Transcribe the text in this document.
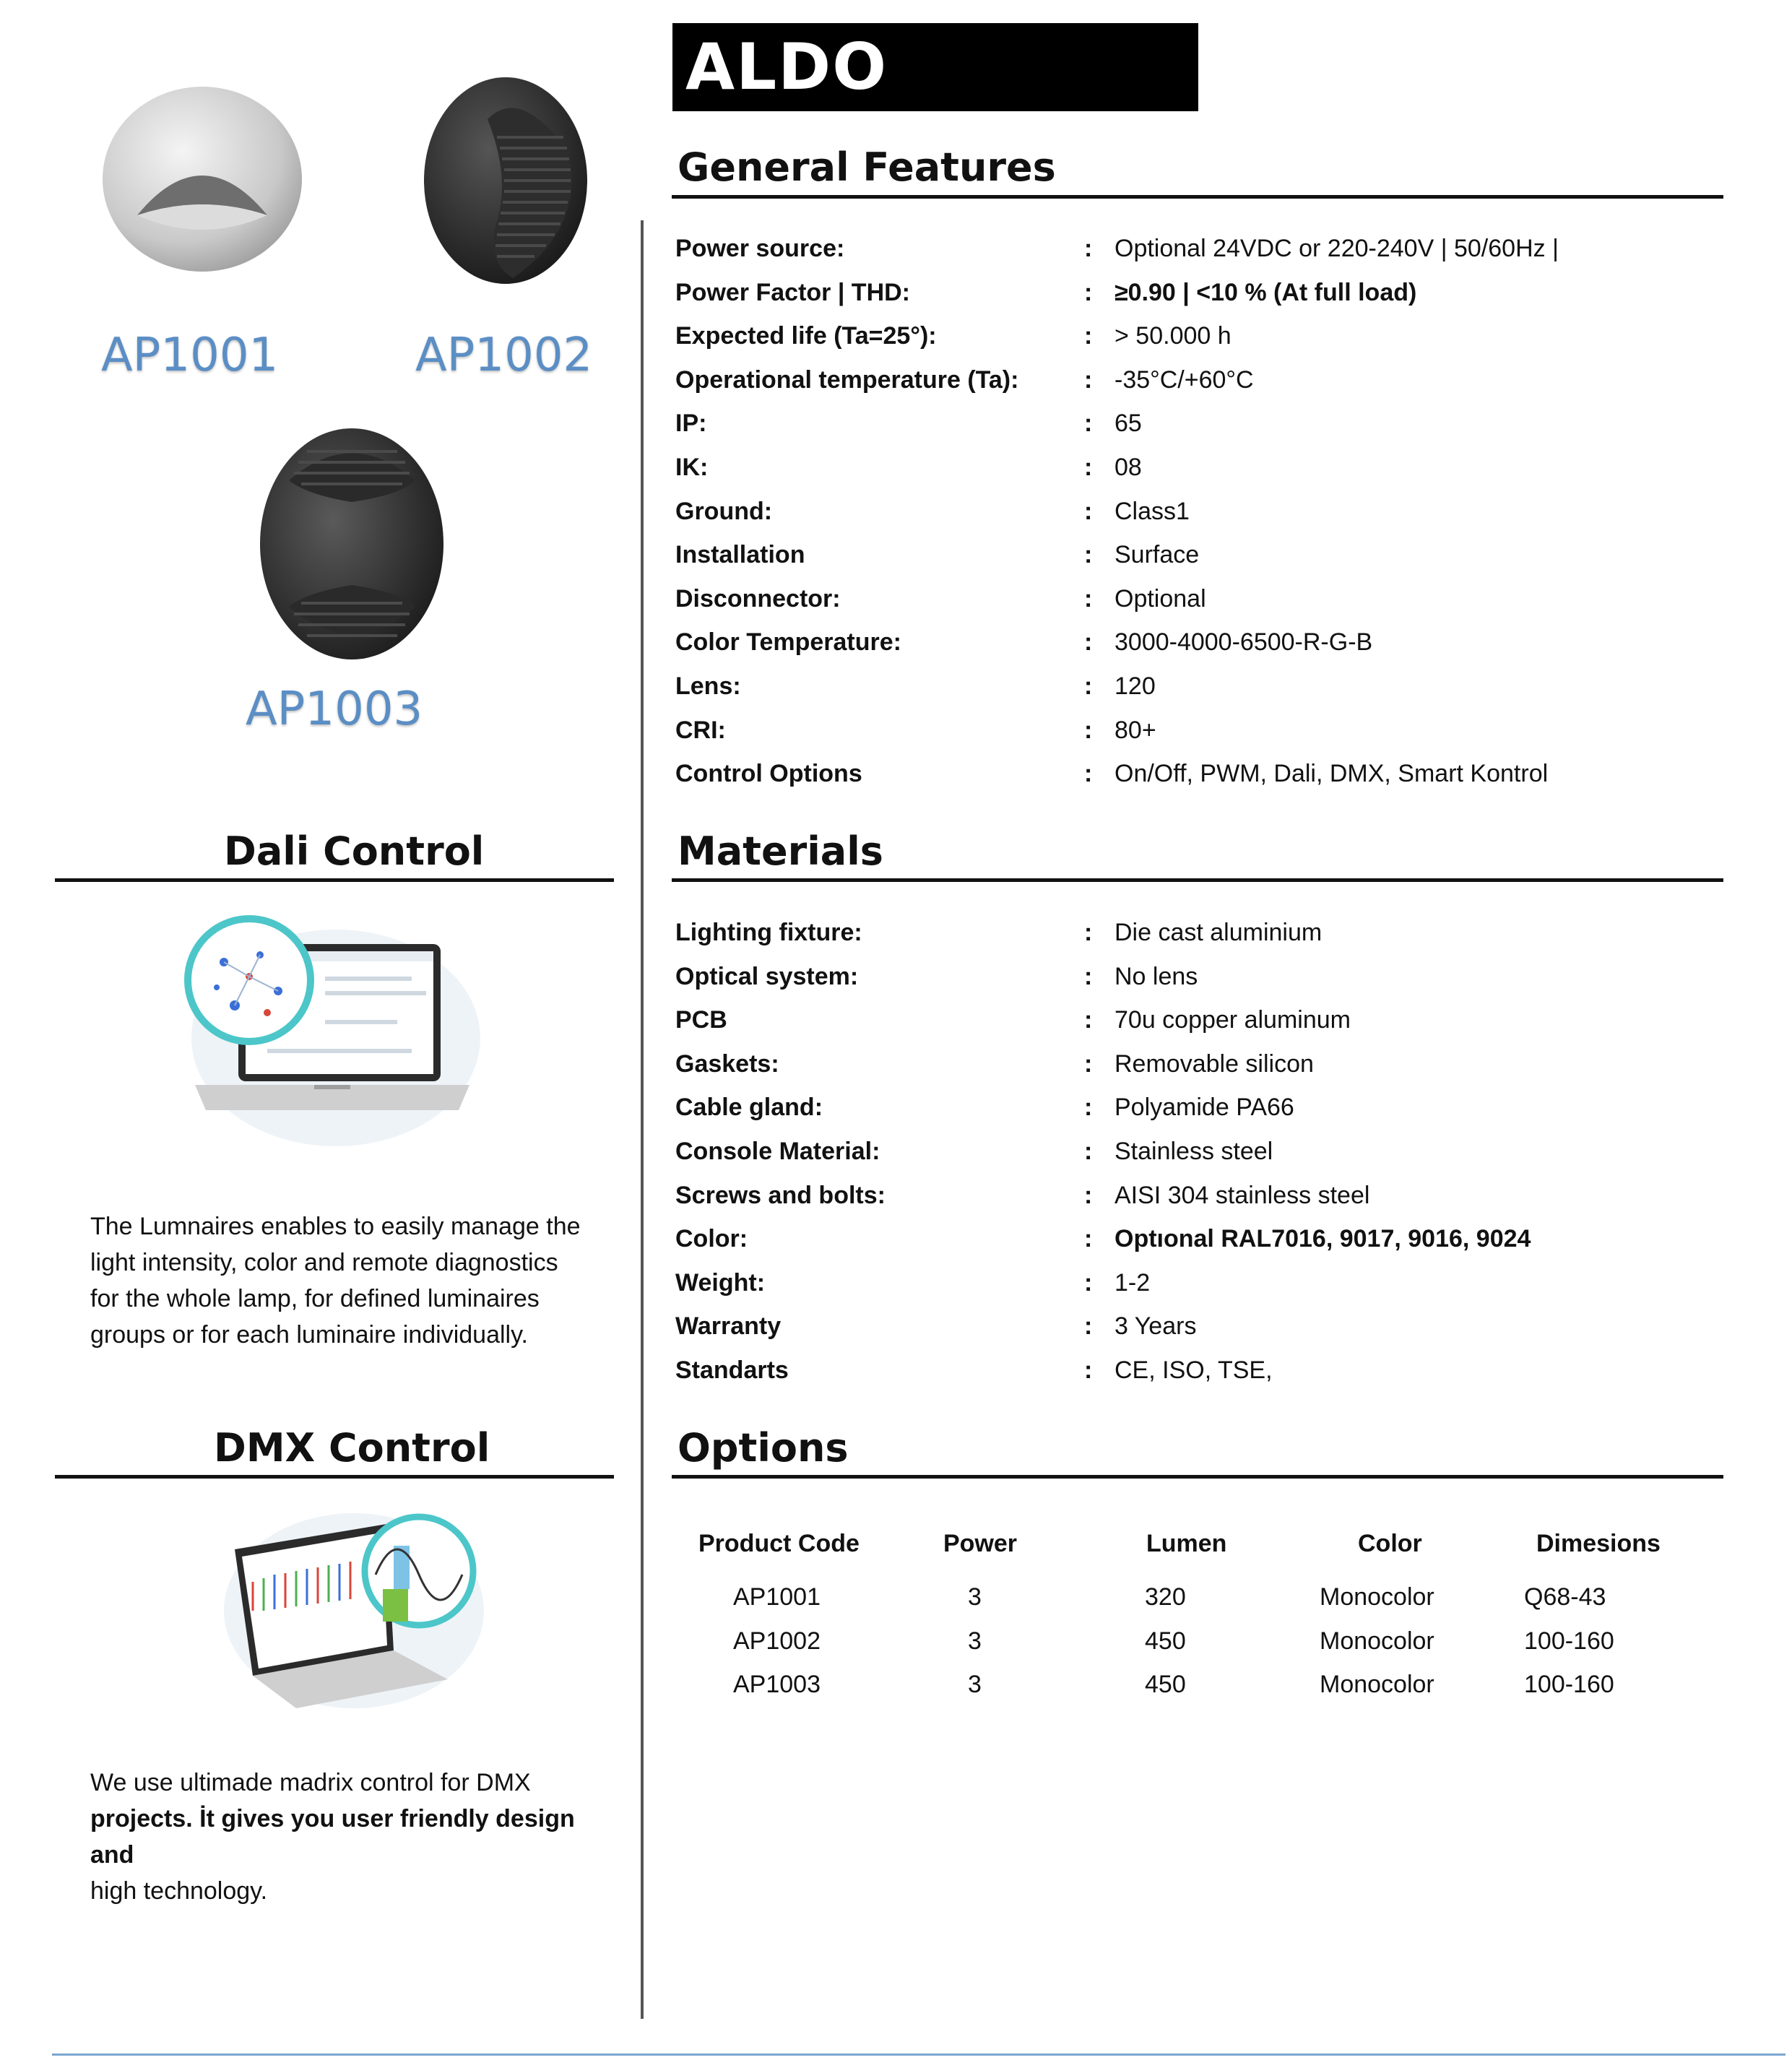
ALDO
AP1001	AP1002
AP1003
General Features
Power source:	: Optional 24VDC or 220-240V | 50/60Hz |
Power Factor | THD:	: ≥0.90 | <10 % (At full load)
Expected life (Ta=25°):	: > 50.000 h
Operational temperature (Ta):	: -35°C/+60°C
IP:	: 65
IK:	: 08
Ground:	: Class1
Installation	: Surface
Disconnector:	: Optional
Color Temperature:	: 3000-4000-6500-R-G-B
Lens:	: 120
CRI:	: 80+
Control Options	: On/Off, PWM, Dali, DMX, Smart Kontrol
Materials
Lighting fixture:	: Die cast aluminium
Optical system:	: No lens
PCB	: 70u copper aluminum
Gaskets:	: Removable silicon
Cable gland:	: Polyamide PA66
Console Material:	: Stainless steel
Screws and bolts:	: AISI 304 stainless steel
Color:	: Optıonal RAL7016, 9017, 9016, 9024
Weight:	: 1-2
Warranty	: 3 Years
Standarts	: CE, ISO, TSE,
Options
Product Code	Power	Lumen	Color	Dimesions
AP1001	3	320	Monocolor	Q68-43
AP1002	3	450	Monocolor	100-160
AP1003	3	450	Monocolor	100-160
Dali Control
The Lumnaires enables to easily manage the
light intensity, color and remote diagnostics
for the whole lamp, for defined luminaires
groups or for each luminaire individually.
DMX Control
We use ultimade madrix control for DMX
projects. İt gives you user friendly design and
high technology.
